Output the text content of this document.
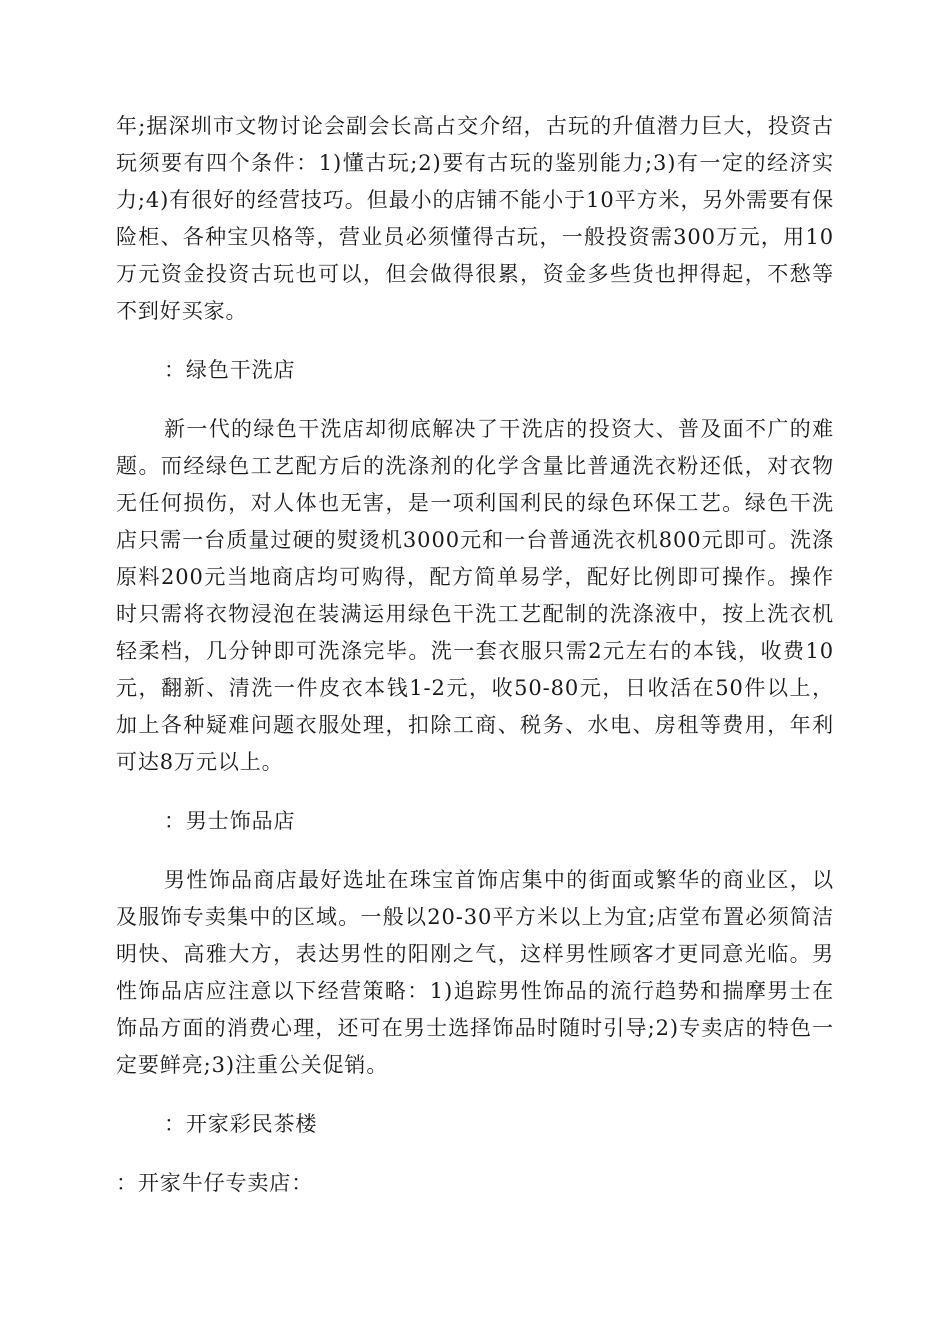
年;据深圳市文物讨论会副会长高占交介绍，古玩的升值潜力巨大，投资古玩须要有四个条件：1)懂古玩;2)要有古玩的鉴别能力;3)有一定的经济实力;4)有很好的经营技巧。但最小的店铺不能小于10平方米，另外需要有保险柜、各种宝贝格等，营业员必须懂得古玩，一般投资需300万元，用10万元资金投资古玩也可以，但会做得很累，资金多些货也押得起，不愁等不到好买家。

：绿色干洗店

新一代的绿色干洗店却彻底解决了干洗店的投资大、普及面不广的难题。而经绿色工艺配方后的洗涤剂的化学含量比普通洗衣粉还低，对衣物无任何损伤，对人体也无害，是一项利国利民的绿色环保工艺。绿色干洗店只需一台质量过硬的熨烫机3000元和一台普通洗衣机800元即可。洗涤原料200元当地商店均可购得，配方简单易学，配好比例即可操作。操作时只需将衣物浸泡在装满运用绿色干洗工艺配制的洗涤液中，按上洗衣机轻柔档，几分钟即可洗涤完毕。洗一套衣服只需2元左右的本钱，收费10元，翻新、清洗一件皮衣本钱1-2元，收50-80元，日收活在50件以上，加上各种疑难问题衣服处理，扣除工商、税务、水电、房租等费用，年利可达8万元以上。

：男士饰品店

男性饰品商店最好选址在珠宝首饰店集中的街面或繁华的商业区，以及服饰专卖集中的区域。一般以20-30平方米以上为宜;店堂布置必须简洁明快、高雅大方，表达男性的阳刚之气，这样男性顾客才更同意光临。男性饰品店应注意以下经营策略：1)追踪男性饰品的流行趋势和揣摩男士在饰品方面的消费心理，还可在男士选择饰品时随时引导;2)专卖店的特色一定要鲜亮;3)注重公关促销。

：开家彩民茶楼

：开家牛仔专卖店：
